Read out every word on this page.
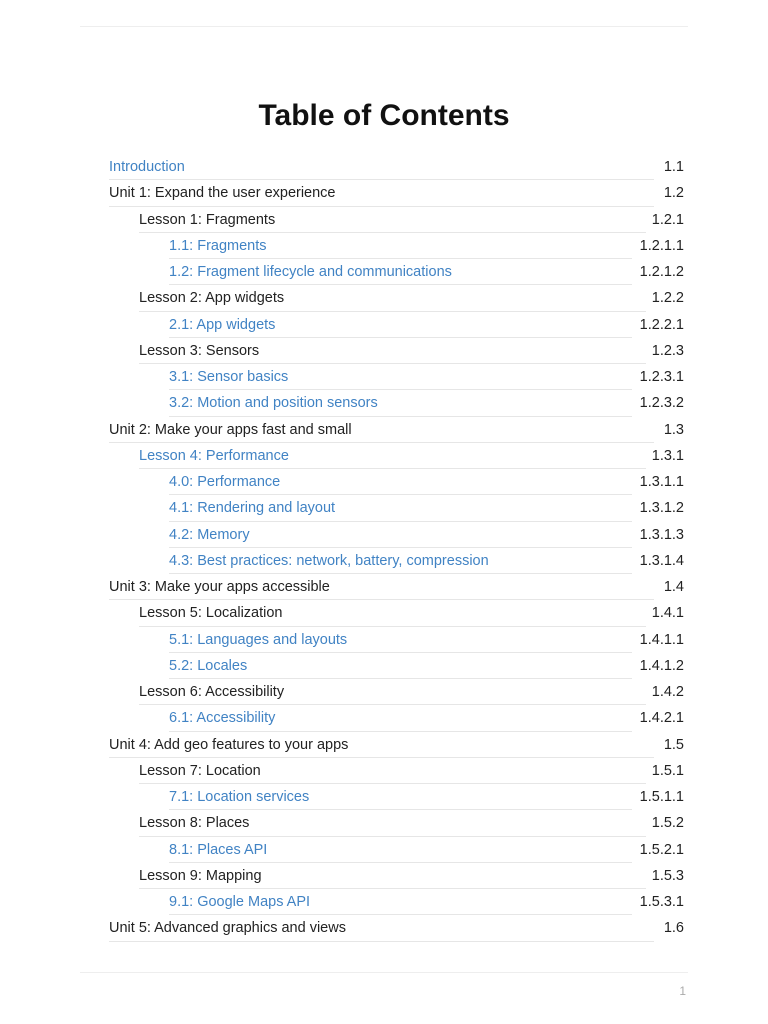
Table of Contents
Introduction	1.1
Unit 1: Expand the user experience	1.2
Lesson 1: Fragments	1.2.1
1.1: Fragments	1.2.1.1
1.2: Fragment lifecycle and communications	1.2.1.2
Lesson 2: App widgets	1.2.2
2.1: App widgets	1.2.2.1
Lesson 3: Sensors	1.2.3
3.1: Sensor basics	1.2.3.1
3.2: Motion and position sensors	1.2.3.2
Unit 2: Make your apps fast and small	1.3
Lesson 4: Performance	1.3.1
4.0: Performance	1.3.1.1
4.1: Rendering and layout	1.3.1.2
4.2: Memory	1.3.1.3
4.3: Best practices: network, battery, compression	1.3.1.4
Unit 3: Make your apps accessible	1.4
Lesson 5: Localization	1.4.1
5.1: Languages and layouts	1.4.1.1
5.2: Locales	1.4.1.2
Lesson 6: Accessibility	1.4.2
6.1: Accessibility	1.4.2.1
Unit 4: Add geo features to your apps	1.5
Lesson 7: Location	1.5.1
7.1: Location services	1.5.1.1
Lesson 8: Places	1.5.2
8.1: Places API	1.5.2.1
Lesson 9: Mapping	1.5.3
9.1: Google Maps API	1.5.3.1
Unit 5: Advanced graphics and views	1.6
1
